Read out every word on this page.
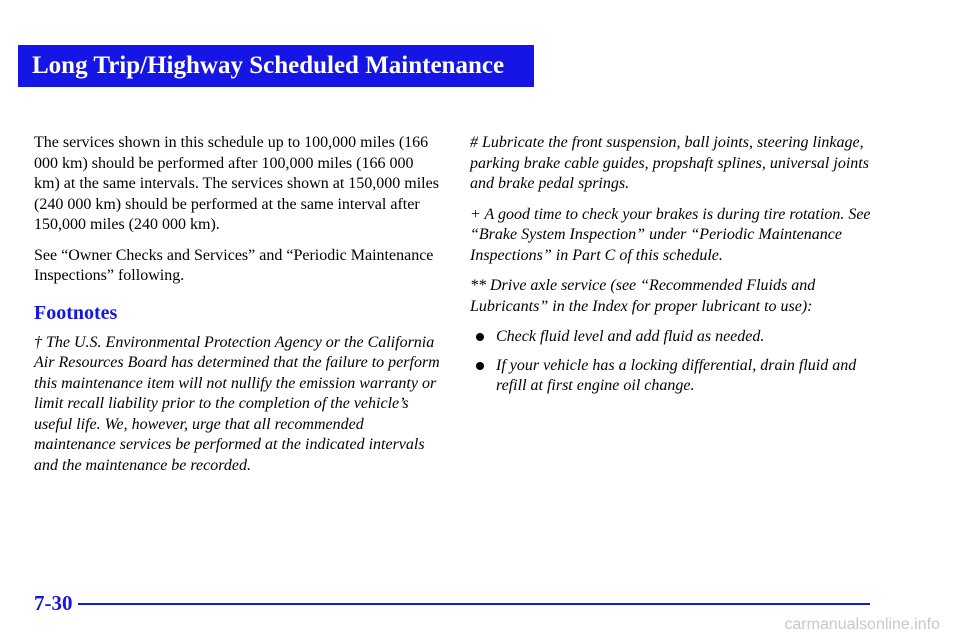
Long Trip/Highway Scheduled Maintenance

The services shown in this schedule up to 100,000 miles (166 000 km) should be performed after 100,000 miles (166 000 km) at the same intervals. The services shown at 150,000 miles (240 000 km) should be performed at the same interval after 150,000 miles (240 000 km).

See “Owner Checks and Services” and “Periodic Maintenance Inspections” following.

Footnotes

† The U.S. Environmental Protection Agency or the California Air Resources Board has determined that the failure to perform this maintenance item will not nullify the emission warranty or limit recall liability prior to the completion of the vehicle’s useful life. We, however, urge that all recommended maintenance services be performed at the indicated intervals and the maintenance be recorded.

# Lubricate the front suspension, ball joints, steering linkage, parking brake cable guides, propshaft splines, universal joints and brake pedal springs.

+ A good time to check your brakes is during tire rotation. See “Brake System Inspection” under “Periodic Maintenance Inspections” in Part C of this schedule.

** Drive axle service (see “Recommended Fluids and Lubricants” in the Index for proper lubricant to use):

Check fluid level and add fluid as needed.
If your vehicle has a locking differential, drain fluid and refill at first engine oil change.
7-30
carmanualsonline.info
